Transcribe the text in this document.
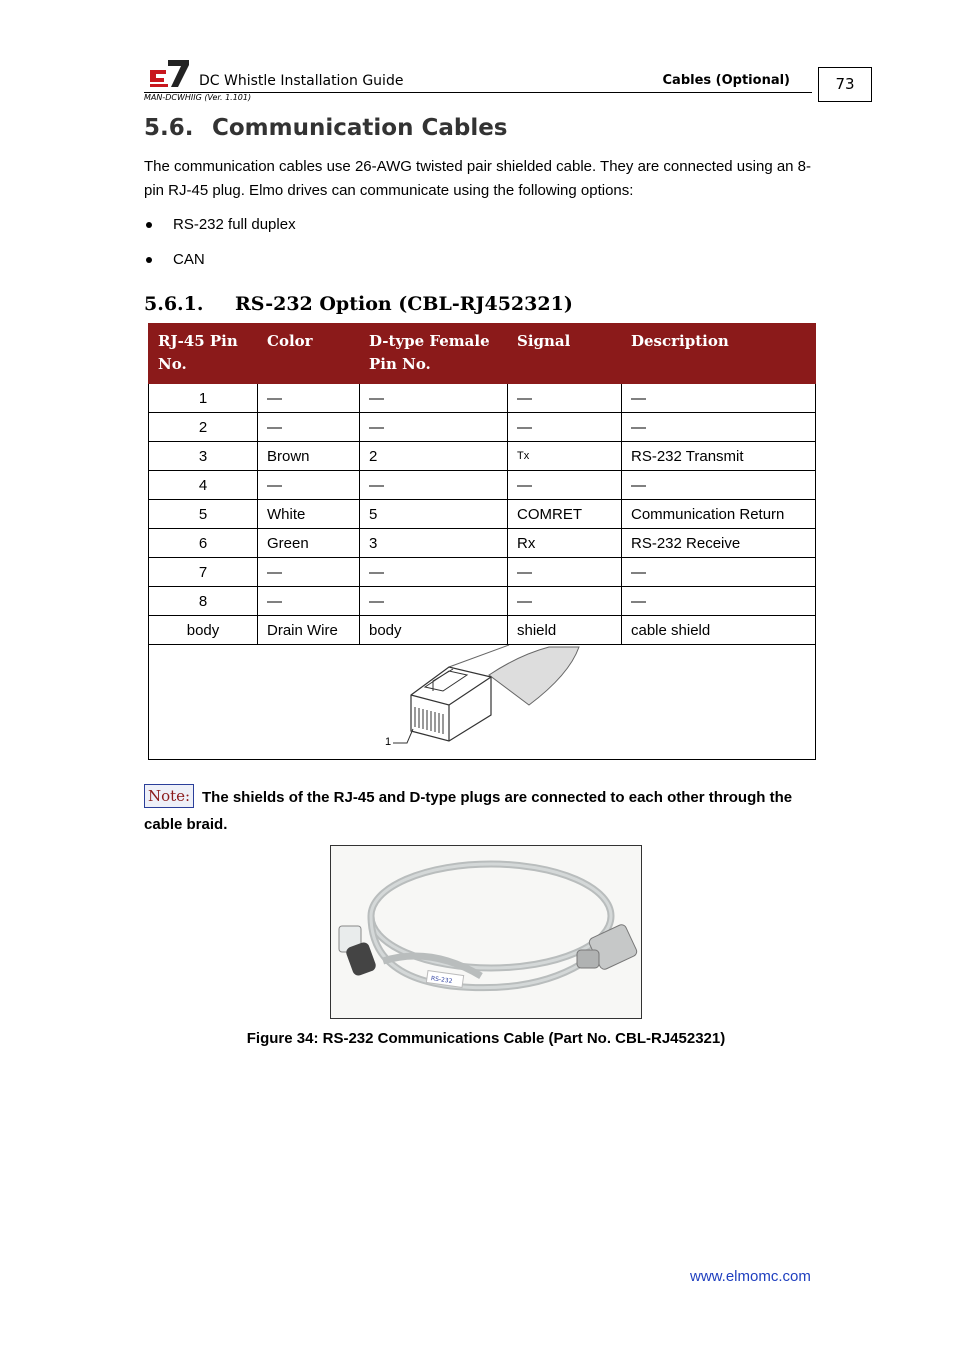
DC Whistle Installation Guide	Cables (Optional)	73
MAN-DCWHIIG (Ver. 1.101)
5.6. Communication Cables
The communication cables use 26-AWG twisted pair shielded cable. They are connected using an 8-pin RJ-45 plug. Elmo drives can communicate using the following options:
RS-232 full duplex
CAN
5.6.1. RS-232 Option (CBL-RJ452321)
RJ-45 Pin No.	Color	D-type Female Pin No.	Signal	Description
1	—	—	—	—
2	—	—	—	—
3	Brown	2	Tx	RS-232 Transmit
4	—	—	—	—
5	White	5	COMRET	Communication Return
6	Green	3	Rx	RS-232 Receive
7	—	—	—	—
8	—	—	—	—
body	Drain Wire	body	shield	cable shield

1				
The shields of the RJ-45 and D-type plugs are connected to each other through the cable braid.
Note:
RS-232
Figure 34: RS-232 Communications Cable (Part No. CBL-RJ452321)
www.elmomc.com
